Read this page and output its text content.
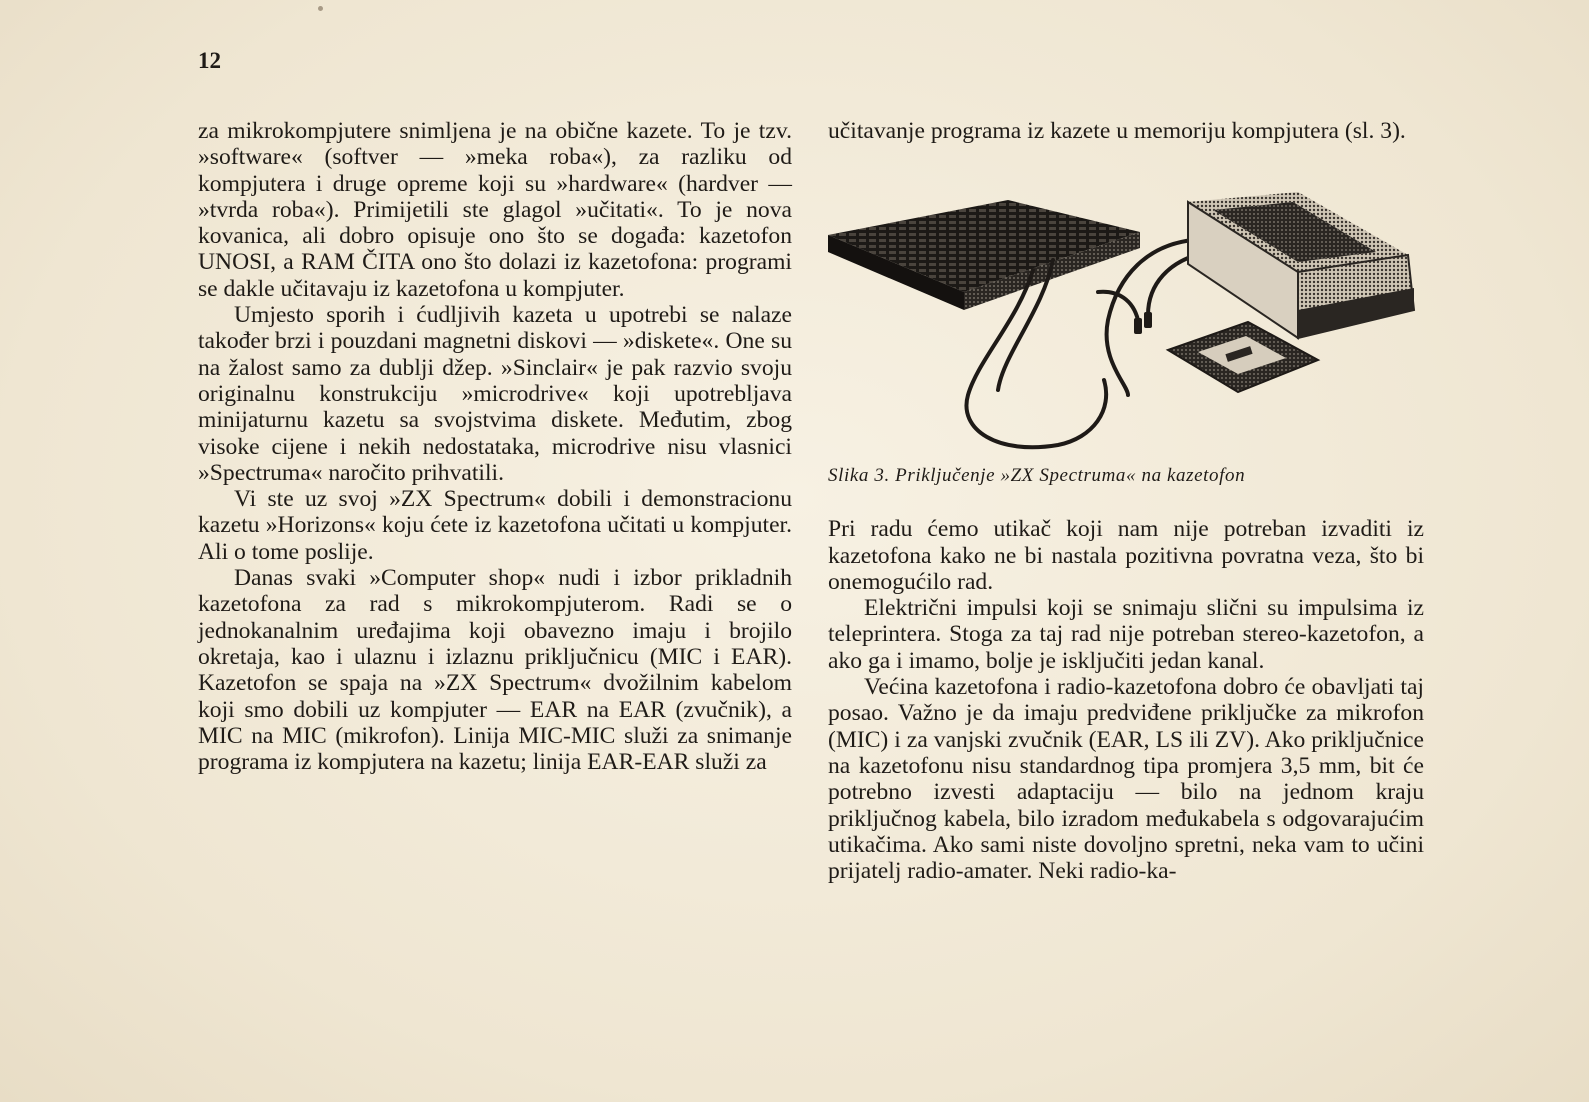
12

za mikrokompjutere snimljena je na obične kazete. To je tzv. »software« (softver — »meka roba«), za razliku od kompjutera i druge opreme koji su »hardware« (hardver — »tvrda roba«). Primijetili ste glagol »učitati«. To je nova kovanica, ali dobro opisuje ono što se događa: kazetofon UNOSI, a RAM ČITA ono što dolazi iz kazetofona: programi se dakle učitavaju iz kazetofona u kompjuter.

Umjesto sporih i ćudljivih kazeta u upotrebi se nalaze također brzi i pouzdani magnetni diskovi — »diskete«. One su na žalost samo za dublji džep. »Sinclair« je pak razvio svoju originalnu konstrukciju »microdrive« koji upotrebljava minijaturnu kazetu sa svojstvima diskete. Međutim, zbog visoke cijene i nekih nedostataka, microdrive nisu vlasnici »Spectruma« naročito prihvatili.

Vi ste uz svoj »ZX Spectrum« dobili i demonstracionu kazetu »Horizons« koju ćete iz kazetofona učitati u kompjuter. Ali o tome poslije.

Danas svaki »Computer shop« nudi i izbor prikladnih kazetofona za rad s mikrokompjuterom. Radi se o jednokanalnim uređajima koji obavezno imaju i brojilo okretaja, kao i ulaznu i izlaznu priključnicu (MIC i EAR). Kazetofon se spaja na »ZX Spectrum« dvožilnim kabelom koji smo dobili uz kompjuter — EAR na EAR (zvučnik), a MIC na MIC (mikrofon). Linija MIC-MIC služi za snimanje programa iz kompjutera na kazetu; linija EAR-EAR služi za

učitavanje programa iz kazete u memoriju kompjutera (sl. 3).

Slika 3. Priključenje »ZX Spectruma« na kazetofon

Pri radu ćemo utikač koji nam nije potreban izvaditi iz kazetofona kako ne bi nastala pozitivna povratna veza, što bi onemogućilo rad.

Električni impulsi koji se snimaju slični su impulsima iz teleprintera. Stoga za taj rad nije potreban stereo-kazetofon, a ako ga i imamo, bolje je isključiti jedan kanal.

Većina kazetofona i radio-kazetofona dobro će obavljati taj posao. Važno je da imaju predviđene priključke za mikrofon (MIC) i za vanjski zvučnik (EAR, LS ili ZV). Ako priključnice na kazetofonu nisu standardnog tipa promjera 3,5 mm, bit će potrebno izvesti adaptaciju — bilo na jednom kraju priključnog kabela, bilo izradom međukabela s odgovarajućim utikačima. Ako sami niste dovoljno spretni, neka vam to učini prijatelj radio-amater. Neki radio-ka-
